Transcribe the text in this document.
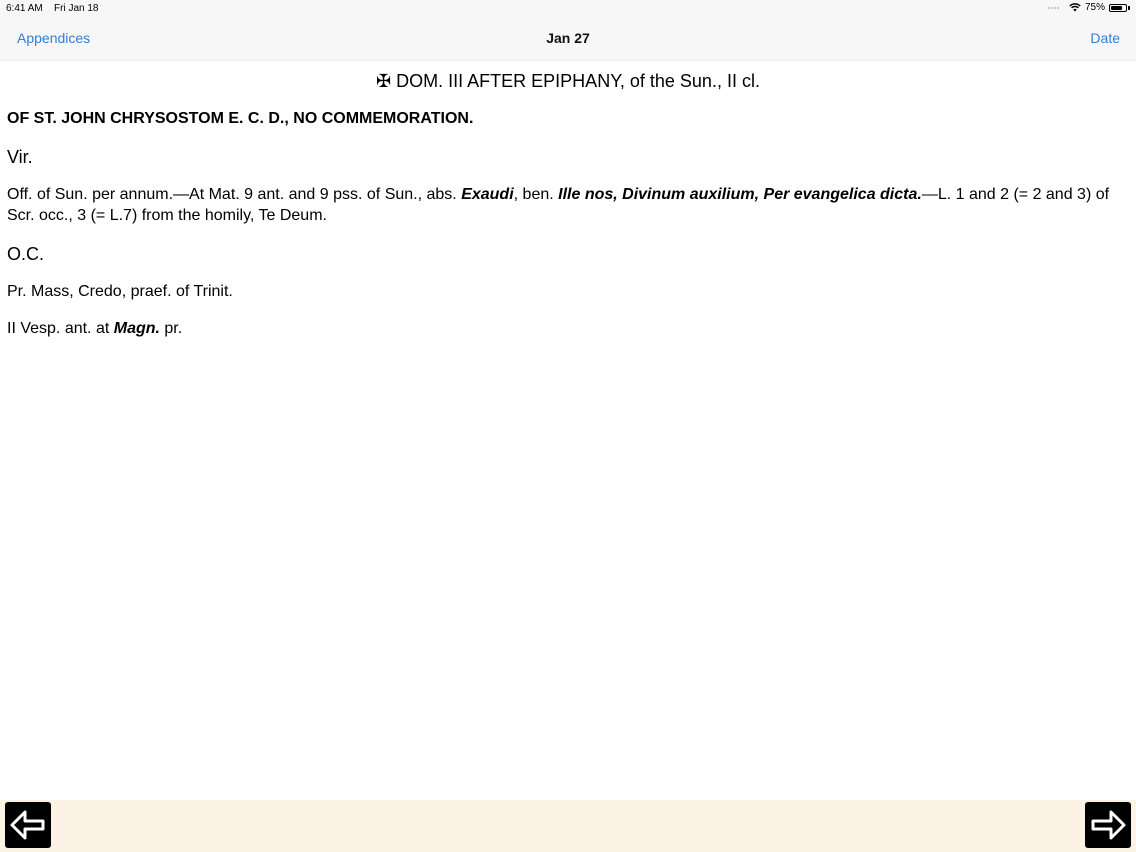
6:41 AM Fri Jan 18	75%
Appendices	Jan 27	Date
✠ DOM. III AFTER EPIPHANY, of the Sun., II cl.
OF ST. JOHN CHRYSOSTOM E. C. D., NO COMMEMORATION.
Vir.
Off. of Sun. per annum.—At Mat. 9 ant. and 9 pss. of Sun., abs. Exaudi, ben. Ille nos, Divinum auxilium, Per evangelica dicta.—L. 1 and 2 (= 2 and 3) of Scr. occ., 3 (= L.7) from the homily, Te Deum.
O.C.
Pr. Mass, Credo, praef. of Trinit.
II Vesp. ant. at Magn. pr.
